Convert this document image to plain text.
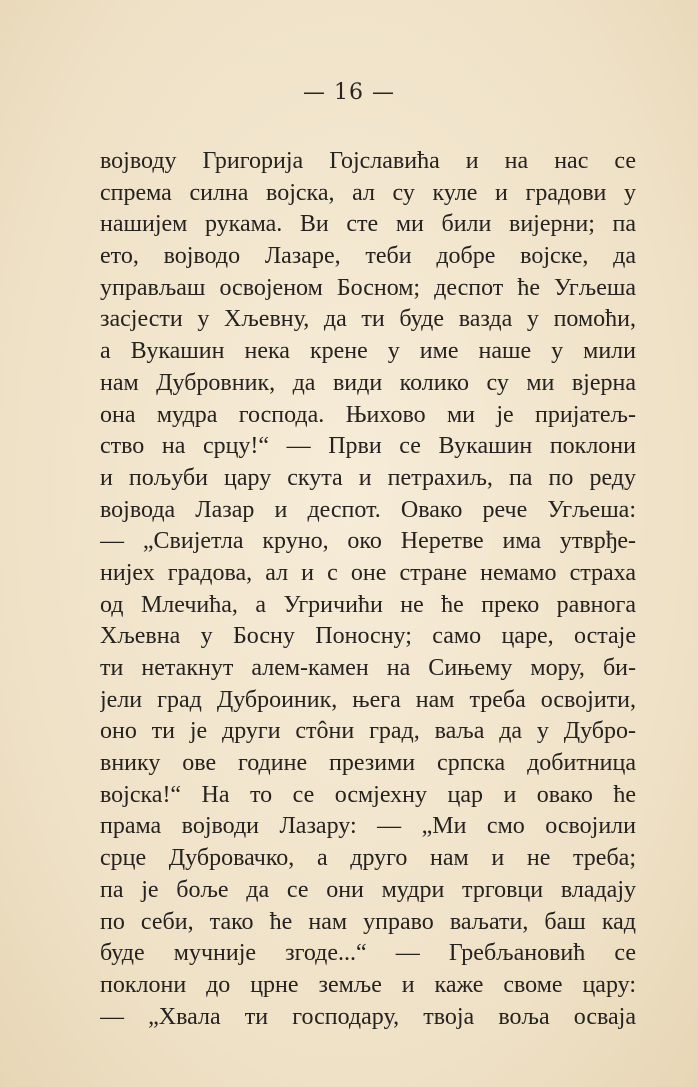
— 16 —
војводу Григорија Гојславића и на нас се
спрема силна војска, ал су куле и градови у
нашијем рукама. Ви сте ми били вијерни; па
ето, војводо Лазаре, теби добре војске, да
управљаш освојеном Босном; деспот ће Угљеша
засјести у Хљевну, да ти буде вазда у помоћи,
а Вукашин нека крене у име наше у мили
нам Дубровник, да види колико су ми вјерна
она мудра господа. Њихово ми је пријатељ-
ство на срцу!“ — Први се Вукашин поклони
и пољуби цару скута и петрахиљ, па по реду
војвода Лазар и деспот. Овако рече Угљеша:
— „Свијетла круно, око Неретве има утврђе-
нијех градова, ал и с оне стране немамо страха
од Млечића, а Угричићи не ће преко равнога
Хљевна у Босну Поносну; само царе, остаје
ти нетакнут алем-камен на Сињему мору, би-
јели град Дуброиник, њега нам треба освојити,
оно ти је други стôни град, ваља да у Дубро-
внику ове године презими српска добитница
војска!“ На то се осмјехну цар и овако ће
прама војводи Лазару: — „Ми смо освојили
срце Дубровачко, а друго нам и не треба;
па је боље да се они мудри трговци владају
по себи, тако ће нам управо ваљати, баш кад
буде мучније згоде...“ — Гребљановић се
поклони до црне земље и каже своме цару:
— „Хвала ти господару, твоја воља осваја
